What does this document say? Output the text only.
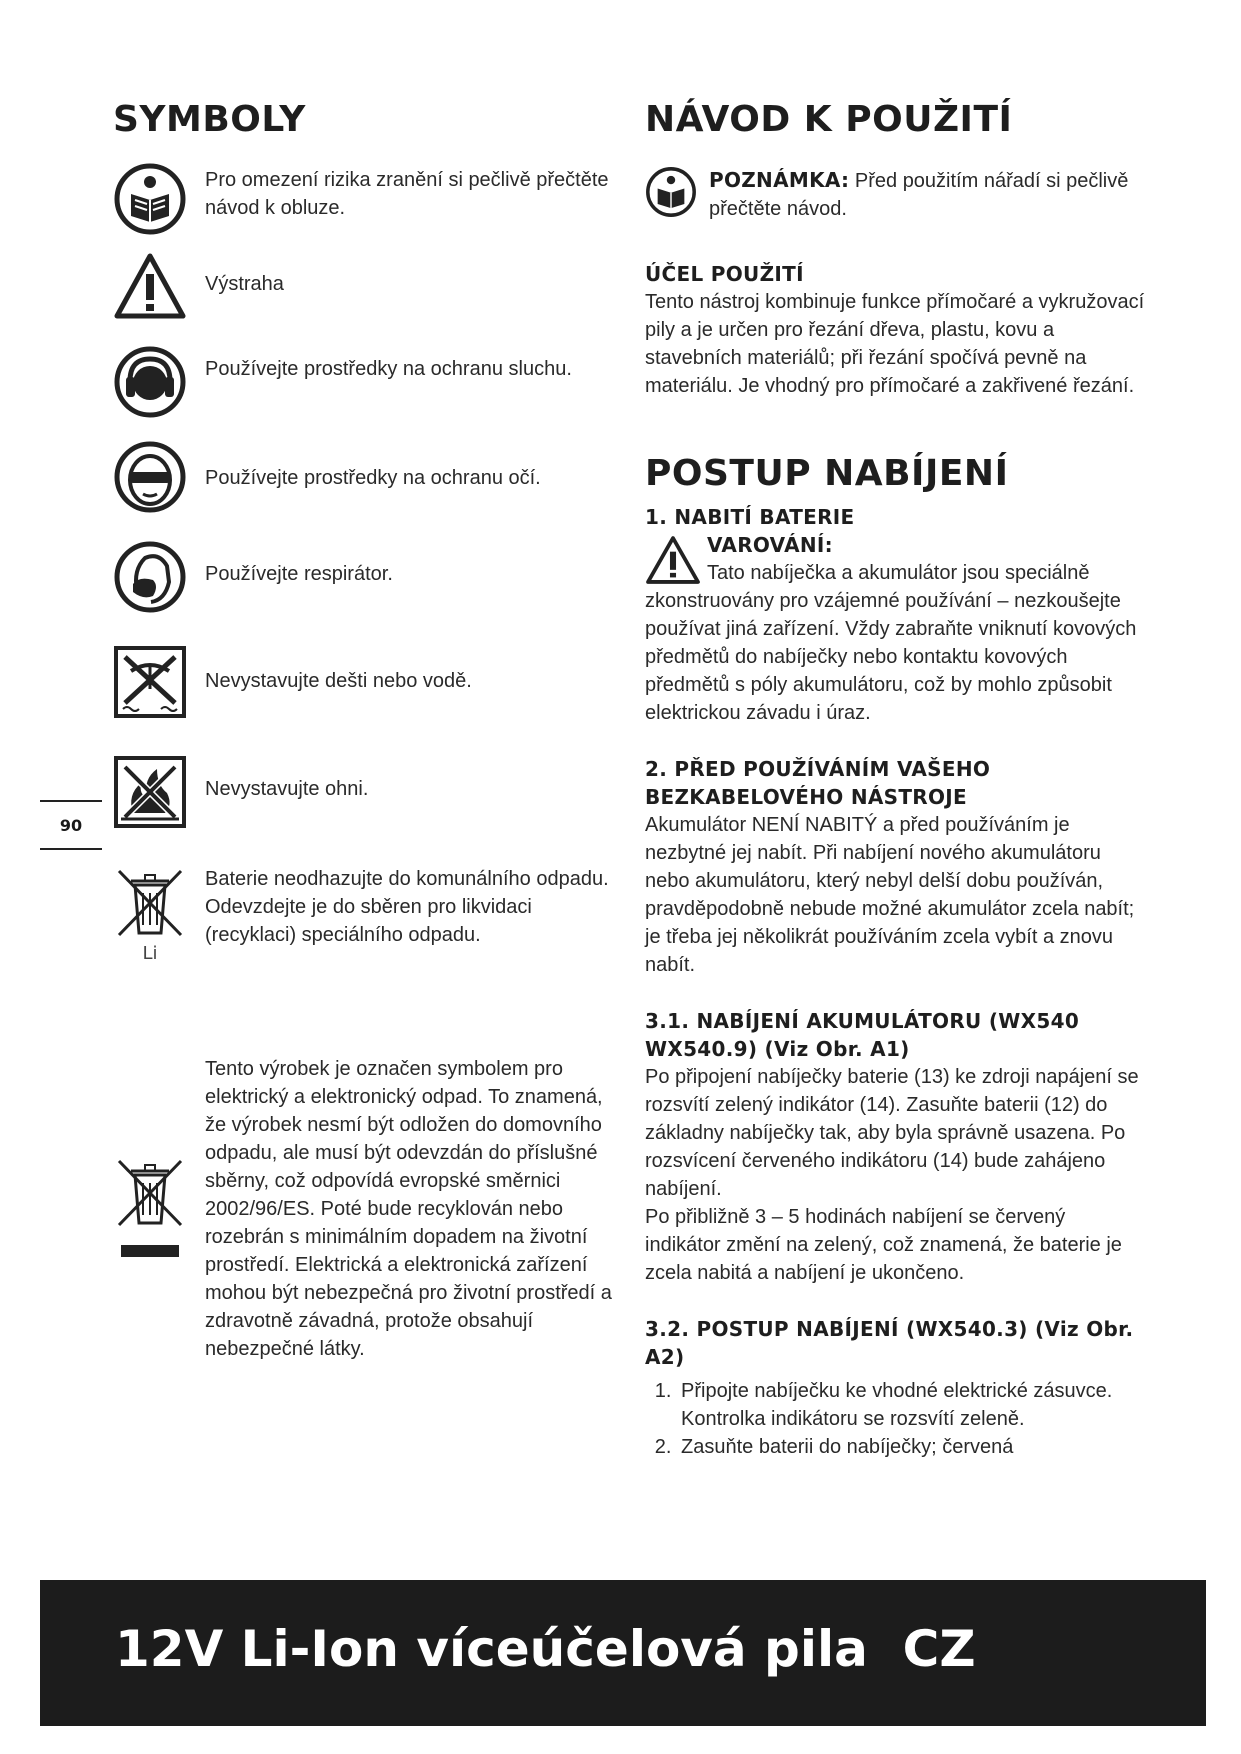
SYMBOLY
Pro omezení rizika zranění si pečlivě přečtěte návod k obluze.
Výstraha
Používejte prostředky na ochranu sluchu.
Používejte prostředky na ochranu očí.
Používejte respirátor.
Nevystavujte dešti nebo vodě.
Nevystavujte ohni.
Li
Baterie neodhazujte do komunálního odpadu. Odevzdejte je do sběren pro likvidaci (recyklaci) speciálního odpadu.
Tento výrobek je označen symbolem pro elektrický a elektronický odpad. To znamená, že výrobek nesmí být odložen do domovního odpadu, ale musí být odevzdán do příslušné sběrny, což odpovídá evropské směrnici 2002/96/ES. Poté bude recyklován nebo rozebrán s minimálním dopadem na životní prostředí. Elektrická a elektronická zařízení mohou být nebezpečná pro životní prostředí a zdravotně závadná, protože obsahují nebezpečné látky.
90
NÁVOD K POUŽITÍ

POZNÁMKA: Před použitím nářadí si pečlivě přečtěte návod.

ÚČEL POUŽITÍ

Tento nástroj kombinuje funkce přímočaré a vykružovací pily a je určen pro řezání dřeva, plastu, kovu a stavebních materiálů; při řezání spočívá pevně na materiálu. Je vhodný pro přímočaré a zakřivené řezání.

POSTUP NABÍJENÍ

1. NABITÍ BATERIE

VAROVÁNÍ:

Tato nabíječka a akumulátor jsou speciálně zkonstruovány pro vzájemné používání – nezkoušejte používat jiná zařízení. Vždy zabraňte vniknutí kovových předmětů do nabíječky nebo kontaktu kovových předmětů s póly akumulátoru, což by mohlo způsobit elektrickou závadu i úraz.

2. PŘED POUŽÍVÁNÍM VAŠEHO BEZKABELOVÉHO NÁSTROJE

Akumulátor NENÍ NABITÝ a před používáním je nezbytné jej nabít. Při nabíjení nového akumulátoru nebo akumulátoru, který nebyl delší dobu používán, pravděpodobně nebude možné akumulátor zcela nabít; je třeba jej několikrát používáním zcela vybít a znovu nabít.

3.1. NABÍJENÍ AKUMULÁTORU (WX540 WX540.9) (Viz Obr. A1)

Po připojení nabíječky baterie (13) ke zdroji napájení se rozsvítí zelený indikátor (14). Zasuňte baterii (12) do základny nabíječky tak, aby byla správně usazena. Po rozsvícení červeného indikátoru (14) bude zahájeno nabíjení.

Po přibližně 3 – 5 hodinách nabíjení se červený indikátor změní na zelený, což znamená, že baterie je zcela nabitá a nabíjení je ukončeno.

3.2. POSTUP NABÍJENÍ (WX540.3) (Viz Obr. A2)

1. Připojte nabíječku ke vhodné elektrické zásuvce. Kontrolka indikátoru se rozsvítí zeleně.
2. Zasuňte baterii do nabíječky; červená
12V Li-Ion víceúčelová pila  CZ
